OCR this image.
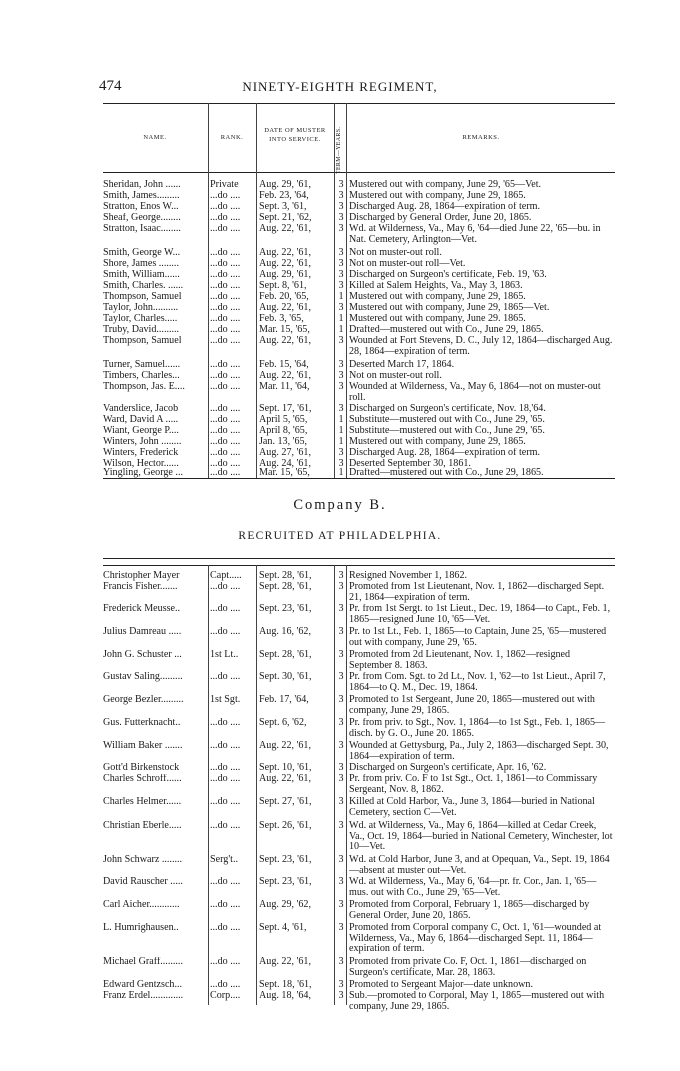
474	NINETY-EIGHTH REGIMENT,
NAME.	RANK.
DATE OF MUSTER INTO SERVICE.	TERM—YEARS.	REMARKS.
Sheridan, John ......	Private	Aug. 29, '61,	3 Mustered out with company, June 29, '65—Vet.
Smith, James.........	...do ....	Feb. 23, '64,	3 Mustered out with company, June 29, 1865.
Stratton, Enos W...	...do ....	Sept. 3, '61,	3 Discharged Aug. 28, 1864—expiration of term.
Sheaf, George........	...do ....	Sept. 21, '62,	3 Discharged by General Order, June 20, 1865.
Stratton, Isaac........	...do ....	Aug. 22, '61,	3 Wd. at Wilderness, Va., May 6, '64—died June 22, '65—bu. in Nat. Cemetery, Arlington—Vet.
Smith, George W...	...do ....	Aug. 22, '61,	3 Not on muster-out roll.
Shore, James ........	...do ....	Aug. 22, '61,	3 Not on muster-out roll—Vet.
Smith, William......	...do ....	Aug. 29, '61,	3 Discharged on Surgeon's certificate, Feb. 19, '63.
Smith, Charles. ......	...do ....	Sept. 8, '61,	3 Killed at Salem Heights, Va., May 3, 1863.
Thompson, Samuel	...do ....	Feb. 20, '65,	1 Mustered out with company, June 29, 1865.
Taylor, John..........	...do ....	Aug. 22, '61,	3 Mustered out with company, June 29, 1865—Vet.
Taylor, Charles.....	...do ....	Feb. 3, '65,	1 Mustered out with company, June 29. 1865.
Truby, David.........	...do ....	Mar. 15, '65,	1 Drafted—mustered out with Co., June 29, 1865.
Thompson, Samuel	...do ....	Aug. 22, '61,	3 Wounded at Fort Stevens, D. C., July 12, 1864—discharged Aug. 28, 1864—expiration of term.
Turner, Samuel......	...do ....	Feb. 15, '64,	3 Deserted March 17, 1864.
Timbers, Charles...	...do ....	Aug. 22, '61,	3 Not on muster-out roll.
Thompson, Jas. E....	...do ....	Mar. 11, '64,	3 Wounded at Wilderness, Va., May 6, 1864—not on muster-out roll.
Vanderslice, Jacob	...do ....	Sept. 17, '61,	3 Discharged on Surgeon's certificate, Nov. 18,'64.
Ward, David A .....	...do ....	April 5, '65,	1 Substitute—mustered out with Co., June 29, '65.
Wiant, George P....	...do ....	April 8, '65,	1 Substitute—mustered out with Co., June 29, '65.
Winters, John ........	...do ....	Jan. 13, '65,	1 Mustered out with company, June 29, 1865.
Winters, Frederick	...do ....	Aug. 27, '61,	3 Discharged Aug. 28, 1864—expiration of term.
Wilson, Hector......	...do ....	Aug. 24, '61,	3 Deserted September 30, 1861.
Yingling, George ...	...do ....	Mar. 15, '65,	1 Drafted—mustered out with Co., June 29, 1865.
Company B.
RECRUITED AT PHILADELPHIA.
Christopher Mayer	Capt.....	Sept. 28, '61,	3 Resigned November 1, 1862.
Francis Fisher.......	...do ....	Sept. 28, '61,	3 Promoted from 1st Lieutenant, Nov. 1, 1862—discharged Sept. 21, 1864—expiration of term.
Frederick Meusse..	...do ....	Sept. 23, '61,	3 Pr. from 1st Sergt. to 1st Lieut., Dec. 19, 1864—to Capt., Feb. 1, 1865—resigned June 10, '65—Vet.
Julius Damreau .....	...do ....	Aug. 16, '62,	3 Pr. to 1st Lt., Feb. 1, 1865—to Captain, June 25, '65—mustered out with company, June 29, '65.
John G. Schuster ...	1st Lt..	Sept. 28, '61,	3 Promoted from 2d Lieutenant, Nov. 1, 1862—resigned September 8. 1863.
Gustav Saling.........	...do ....	Sept. 30, '61,	3 Pr. from Com. Sgt. to 2d Lt., Nov. 1, '62—to 1st Lieut., April 7, 1864—to Q. M., Dec. 19, 1864.
George Bezler.........	1st Sgt.	Feb. 17, '64,	3 Promoted to 1st Sergeant, June 20, 1865—mustered out with company, June 29, 1865.
Gus. Futterknacht..	...do ....	Sept. 6, '62,	3 Pr. from priv. to Sgt., Nov. 1, 1864—to 1st Sgt., Feb. 1, 1865—disch. by G. O., June 20. 1865.
William Baker .......	...do ....	Aug. 22, '61,	3 Wounded at Gettysburg, Pa., July 2, 1863—discharged Sept. 30, 1864—expiration of term.
Gott'd Birkenstock	...do ....	Sept. 10, '61,	3 Discharged on Surgeon's certificate, Apr. 16, '62.
Charles Schroff......	...do ....	Aug. 22, '61,	3 Pr. from priv. Co. F to 1st Sgt., Oct. 1, 1861—to Commissary Sergeant, Nov. 8, 1862.
Charles Helmer......	...do ....	Sept. 27, '61,	3 Killed at Cold Harbor, Va., June 3, 1864—buried in National Cemetery, section C—Vet.
Christian Eberle.....	...do ....	Sept. 26, '61,	3 Wd. at Wilderness, Va., May 6, 1864—killed at Cedar Creek, Va., Oct. 19, 1864—buried in National Cemetery, Winchester, lot 10—Vet.
John Schwarz ........	Serg't..	Sept. 23, '61,	3 Wd. at Cold Harbor, June 3, and at Opequan, Va., Sept. 19, 1864—absent at muster out—Vet.
David Rauscher .....	...do ....	Sept. 23, '61,	3 Wd. at Wilderness, Va., May 6, '64—pr. fr. Cor., Jan. 1, '65—mus. out with Co., June 29, '65—Vet.
Carl Aicher............	...do ....	Aug. 29, '62,	3 Promoted from Corporal, February 1, 1865—discharged by General Order, June 20, 1865.
L. Humrighausen..	...do ....	Sept. 4, '61,	3 Promoted from Corporal company C, Oct. 1, '61—wounded at Wilderness, Va., May 6, 1864—discharged Sept. 11, 1864—expiration of term.
Michael Graff.........	...do ....	Aug. 22, '61,	3 Promoted from private Co. F, Oct. 1, 1861—discharged on Surgeon's certificate, Mar. 28, 1863.
Edward Gentzsch...	...do ....	Sept. 18, '61,	3 Promoted to Sergeant Major—date unknown.
Franz Erdel.............	Corp....	Aug. 18, '64,	3 Sub.—promoted to Corporal, May 1, 1865—mustered out with company, June 29, 1865.
